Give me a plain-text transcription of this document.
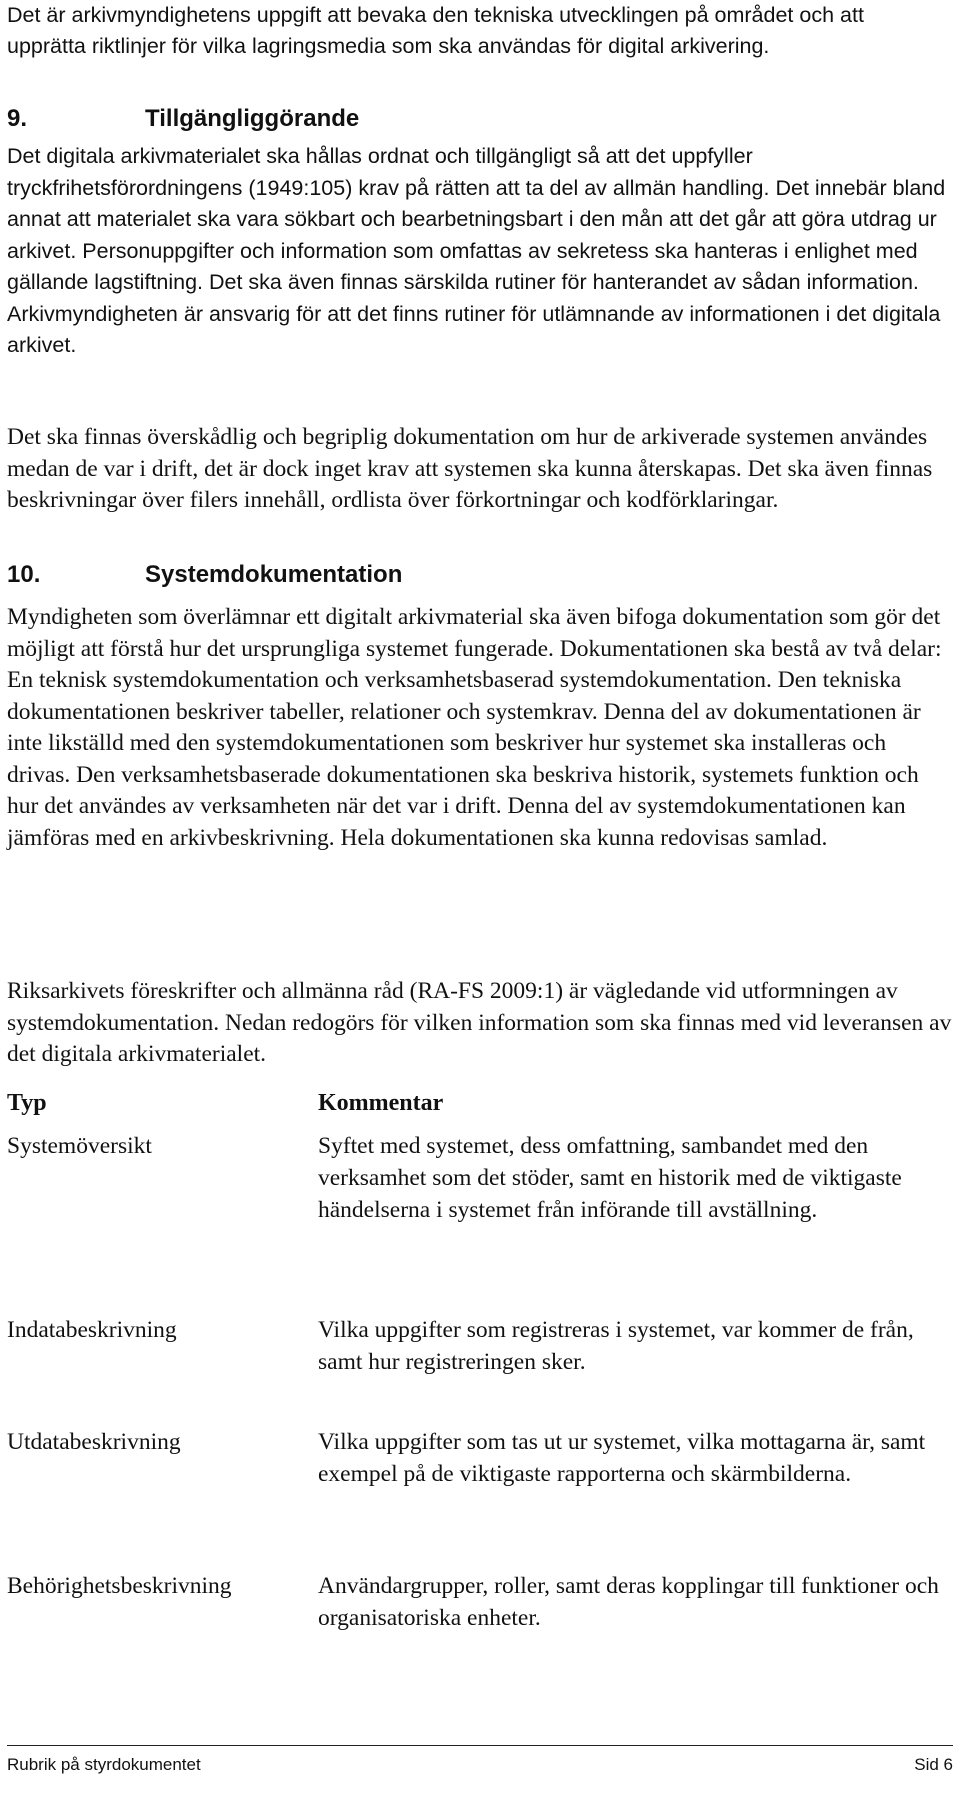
Det är arkivmyndighetens uppgift att bevaka den tekniska utvecklingen på området och att upprätta riktlinjer för vilka lagringsmedia som ska användas för digital arkivering.

9.	Tillgängliggörande

Det digitala arkivmaterialet ska hållas ordnat och tillgängligt så att det uppfyller tryckfrihetsförordningens (1949:105) krav på rätten att ta del av allmän handling. Det innebär bland annat att materialet ska vara sökbart och bearbetningsbart i den mån att det går att göra utdrag ur arkivet. Personuppgifter och information som omfattas av sekretess ska hanteras i enlighet med gällande lagstiftning. Det ska även finnas särskilda rutiner för hanterandet av sådan information. Arkivmyndigheten är ansvarig för att det finns rutiner för utlämnande av informationen i det digitala arkivet.

Det ska finnas överskådlig och begriplig dokumentation om hur de arkiverade systemen användes medan de var i drift, det är dock inget krav att systemen ska kunna återskapas. Det ska även finnas beskrivningar över filers innehåll, ordlista över förkortningar och kodförklaringar.

10.	Systemdokumentation

Myndigheten som överlämnar ett digitalt arkivmaterial ska även bifoga dokumentation som gör det möjligt att förstå hur det ursprungliga systemet fungerade. Dokumentationen ska bestå av två delar: En teknisk systemdokumentation och verksamhetsbaserad systemdokumentation. Den tekniska dokumentationen beskriver tabeller, relationer och systemkrav. Denna del av dokumentationen är inte likställd med den systemdokumentationen som beskriver hur systemet ska installeras och drivas. Den verksamhetsbaserade dokumentationen ska beskriva historik, systemets funktion och hur det användes av verksamheten när det var i drift. Denna del av systemdokumentationen kan jämföras med en arkivbeskrivning. Hela dokumentationen ska kunna redovisas samlad.

Riksarkivets föreskrifter och allmänna råd (RA-FS 2009:1) är vägledande vid utformningen av systemdokumentation. Nedan redogörs för vilken information som ska finnas med vid leveransen av det digitala arkivmaterialet.

Typ	Kommentar
Systemöversikt	Syftet med systemet, dess omfattning, sambandet med den verksamhet som det stöder, samt en historik med de viktigaste händelserna i systemet från införande till avställning.
Indatabeskrivning	Vilka uppgifter som registreras i systemet, var kommer de från, samt hur registreringen sker.
Utdatabeskrivning	Vilka uppgifter som tas ut ur systemet, vilka mottagarna är, samt exempel på de viktigaste rapporterna och skärmbilderna.
Behörighetsbeskrivning	Användargrupper, roller, samt deras kopplingar till funktioner och organisatoriska enheter.
Rubrik på styrdokumentet	Sid 6
